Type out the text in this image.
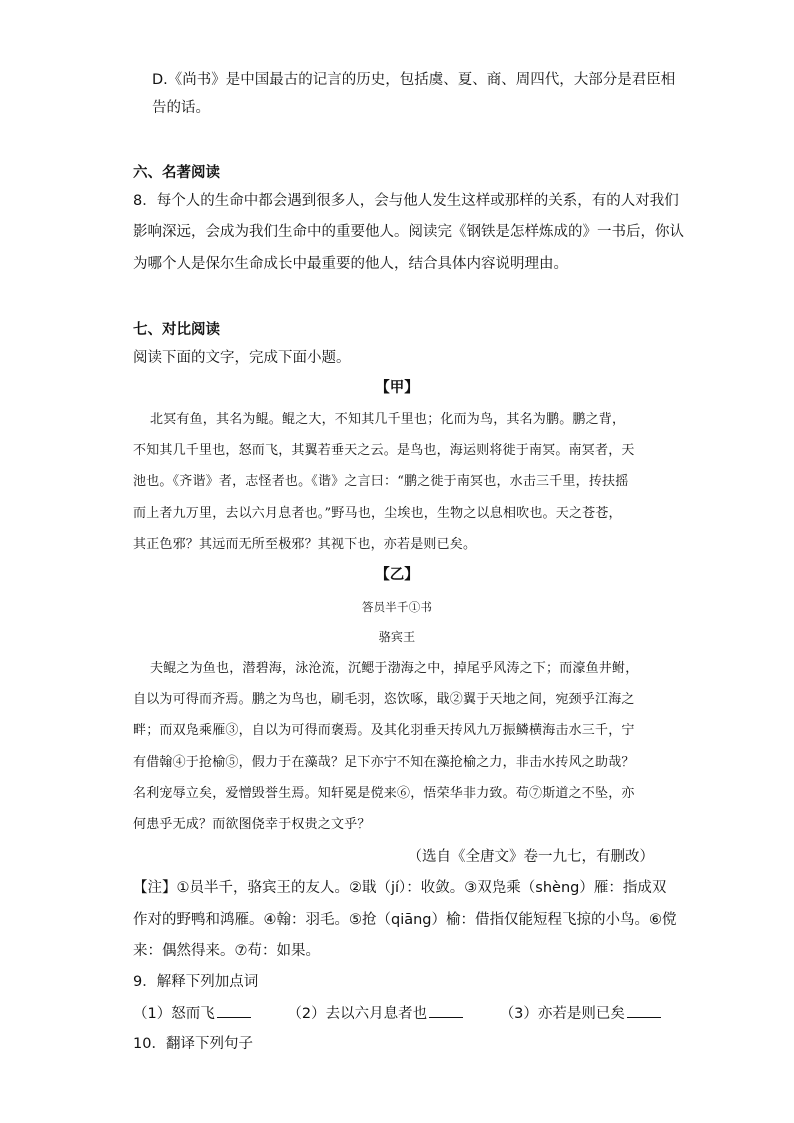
D.《尚书》是中国最古的记言的历史，包括虞、夏、商、周四代，大部分是君臣相
告的话。
六、名著阅读
8．每个人的生命中都会遇到很多人，会与他人发生这样或那样的关系，有的人对我们
影响深远，会成为我们生命中的重要他人。阅读完《钢铁是怎样炼成的》一书后，你认
为哪个人是保尔生命成长中最重要的他人，结合具体内容说明理由。
七、对比阅读
阅读下面的文字，完成下面小题。
【甲】
北冥有鱼，其名为鲲。鲲之大，不知其几千里也；化而为鸟，其名为鹏。鹏之背，
不知其几千里也，怒而飞，其翼若垂天之云。是鸟也，海运则将徙于南冥。南冥者，天
池也。《齐谐》者，志怪者也。《谐》之言曰：“鹏之徙于南冥也，水击三千里，抟扶摇
而上者九万里，去以六月息者也。”野马也，尘埃也，生物之以息相吹也。天之苍苍，
其正色邪？其远而无所至极邪？其视下也，亦若是则已矣。
【乙】
答员半千①书
骆宾王
夫鲲之为鱼也，潜碧海，泳沧流，沉鳃于渤海之中，掉尾乎风涛之下；而濠鱼井鲋，
自以为可得而齐焉。鹏之为鸟也，刷毛羽，恣饮啄，戢②翼于天地之间，宛颈乎江海之
畔；而双凫乘雁③，自以为可得而褒焉。及其化羽垂天抟风九万振鳞横海击水三千，宁
有借翰④于抢榆⑤，假力于在藻哉？足下亦宁不知在藻抢榆之力，非击水抟风之助哉？
名利宠辱立矣，爱憎毁誉生焉。知轩冕是傥来⑥，悟荣华非力致。苟⑦斯道之不坠，亦
何患乎无成？而欲图侥幸于权贵之文乎？
（选自《全唐文》卷一九七，有删改）
【注】①员半千，骆宾王的友人。②戢（jí）：收敛。③双凫乘（shèng）雁：指成双
作对的野鸭和鸿雁。④翰：羽毛。⑤抢（qiāng）榆：借指仅能短程飞掠的小鸟。⑥傥
来：偶然得来。⑦苟：如果。
9．解释下列加点词
（1）怒而飞	（2）去以六月息者也	（3）亦若是则已矣
10．翻译下列句子
